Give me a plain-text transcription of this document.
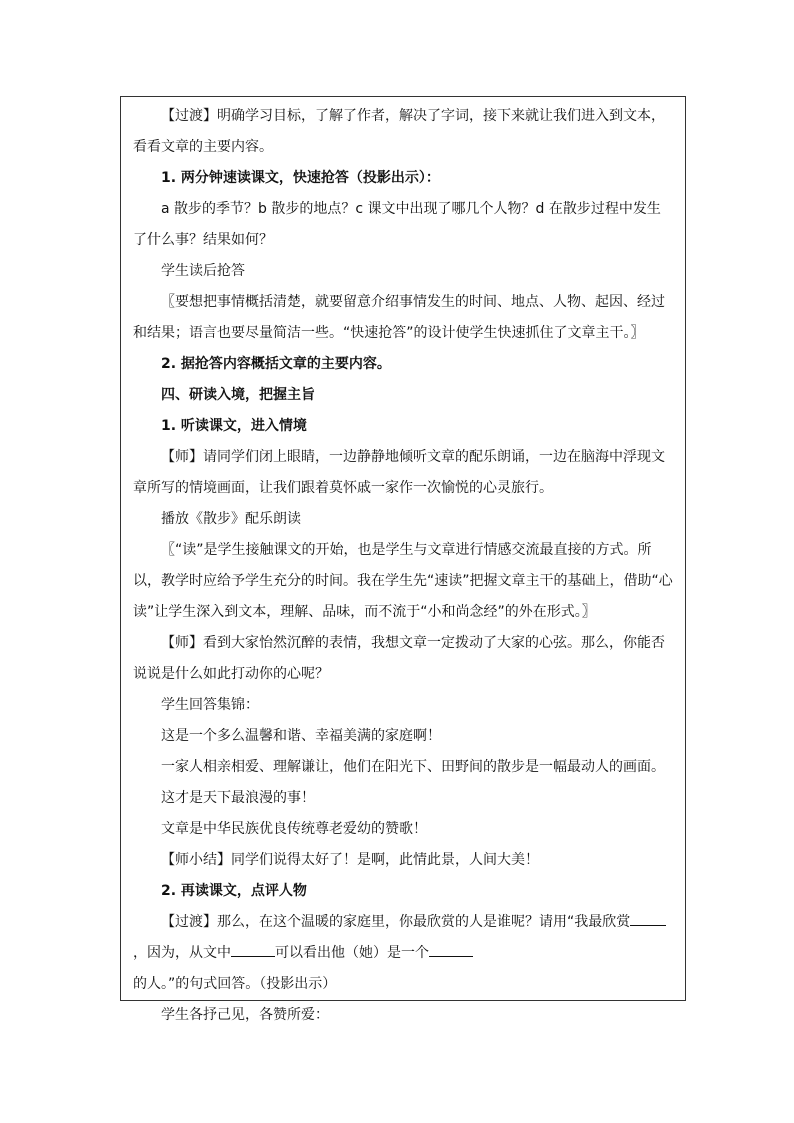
【过渡】明确学习目标，了解了作者，解决了字词，接下来就让我们进入到文本，看看文章的主要内容。

1. 两分钟速读课文，快速抢答（投影出示）：

a 散步的季节？b 散步的地点？c 课文中出现了哪几个人物？d 在散步过程中发生了什么事？结果如何？

学生读后抢答

〖要想把事情概括清楚，就要留意介绍事情发生的时间、地点、人物、起因、经过和结果；语言也要尽量简洁一些。“快速抢答”的设计使学生快速抓住了文章主干。〗

2. 据抢答内容概括文章的主要内容。

四、研读入境，把握主旨

1. 听读课文，进入情境

【师】请同学们闭上眼睛，一边静静地倾听文章的配乐朗诵，一边在脑海中浮现文章所写的情境画面，让我们跟着莫怀戚一家作一次愉悦的心灵旅行。

播放《散步》配乐朗读

〖“读”是学生接触课文的开始，也是学生与文章进行情感交流最直接的方式。所以，教学时应给予学生充分的时间。我在学生先“速读”把握文章主干的基础上，借助“心读”让学生深入到文本，理解、品味，而不流于“小和尚念经”的外在形式。〗

【师】看到大家怡然沉醉的表情，我想文章一定拨动了大家的心弦。那么，你能否说说是什么如此打动你的心呢？

学生回答集锦：

这是一个多么温馨和谐、幸福美满的家庭啊！

一家人相亲相爱、理解谦让，他们在阳光下、田野间的散步是一幅最动人的画面。

这才是天下最浪漫的事！

文章是中华民族优良传统尊老爱幼的赞歌！

【师小结】同学们说得太好了！是啊，此情此景，人间大美！

2. 再读课文，点评人物

【过渡】那么，在这个温暖的家庭里，你最欣赏的人是谁呢？请用“我最欣赏，因为，从文中	可以看出他（她）是一个的人。”的句式回答。（投影出示）

学生各抒己见，各赞所爱：
